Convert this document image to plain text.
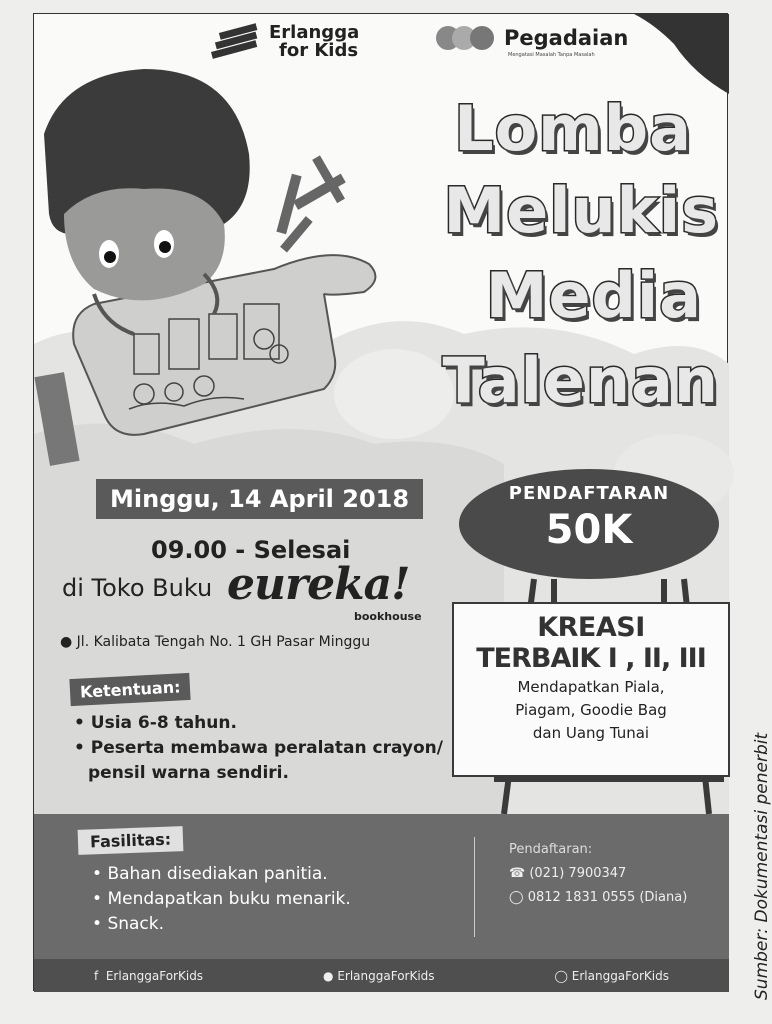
Erlangga
for Kids
Pegadaian
Mengatasi Masalah Tanpa Masalah
Lomba
Melukis
Media
Talenan
Minggu, 14 April 2018
09.00 - Selesai
di Toko Buku eureka!
bookhouse
● Jl. Kalibata Tengah No. 1 GH Pasar Minggu
PENDAFTARAN
50K
KREASI
TERBAIK I , II, III
Mendapatkan Piala,
Piagam, Goodie Bag
dan Uang Tunai
Ketentuan:
• Usia 6-8 tahun.
• Peserta membawa peralatan crayon/
pensil warna sendiri.
Fasilitas:
• Bahan disediakan panitia.
• Mendapatkan buku menarik.
• Snack.
Pendaftaran:
☎ (021) 7900347
◯ 0812 1831 0555 (Diana)
f ErlanggaForKids	● ErlanggaForKids	◯ ErlanggaForKids	Sumber: Dokumentasi penerbit
